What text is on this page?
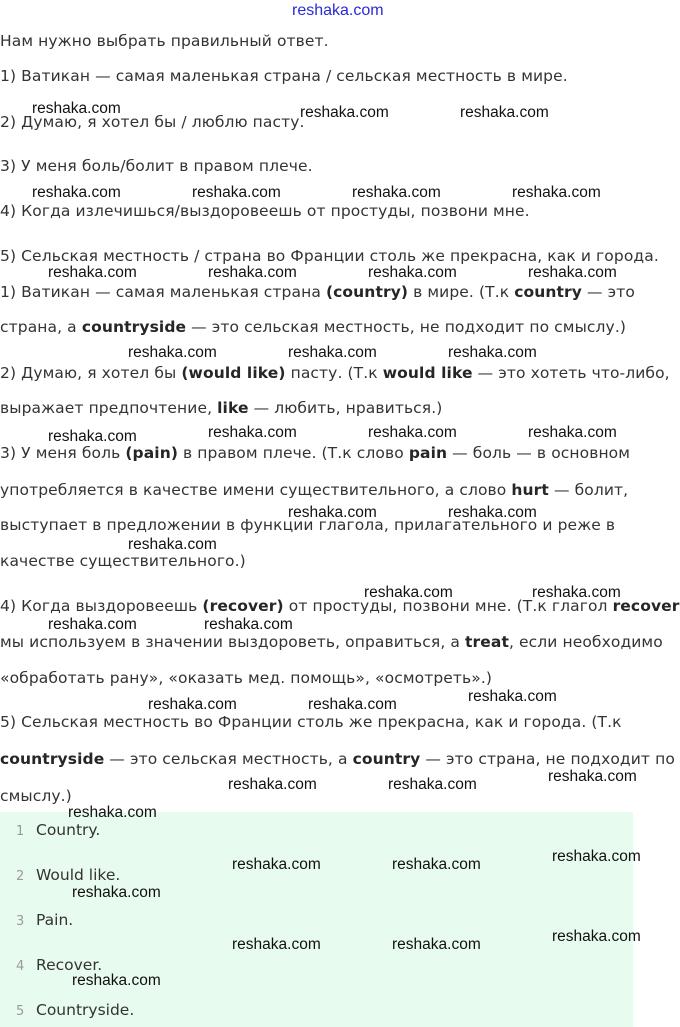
reshaka.com
Нам нужно выбрать правильный ответ.
1) Ватикан — самая маленькая страна / сельская местность в мире.
2) Думаю, я хотел бы / люблю пасту.
3) У меня боль/болит в правом плече.
4) Когда излечишься/выздоровеешь от простуды, позвони мне.
5) Сельская местность / страна во Франции столь же прекрасна, как и города.
1) Ватикан — самая маленькая страна (country) в мире. (Т.к country — это
страна, а countryside — это сельская местность, не подходит по смыслу.)
2) Думаю, я хотел бы (would like) пасту. (Т.к would like — это хотеть что-либо,
выражает предпочтение, like — любить, нравиться.)
3) У меня боль (pain) в правом плече. (Т.к слово pain — боль — в основном
употребляется в качестве имени существительного, а слово hurt — болит,
выступает в предложении в функции глагола, прилагательного и реже в
качестве существительного.)
4) Когда выздоровеешь (recover) от простуды, позвони мне. (Т.к глагол recover
мы используем в значении выздороветь, оправиться, а treat, если необходимо
«обработать рану», «оказать мед. помощь», «осмотреть».)
5) Сельская местность во Франции столь же прекрасна, как и города. (Т.к
countryside — это сельская местность, а country — это страна, не подходит по
смыслу.)
1 Country.
2 Would like.
3 Pain.
4 Recover.
5 Countryside.
reshaka.com	reshaka.com	reshaka.com
reshaka.com	reshaka.com	reshaka.com	reshaka.com
reshaka.com	reshaka.com	reshaka.com	reshaka.com
reshaka.com	reshaka.com	reshaka.com
reshaka.com	reshaka.com	reshaka.com	reshaka.com
reshaka.com	reshaka.com
reshaka.com
reshaka.com	reshaka.com
reshaka.com	reshaka.com
reshaka.com
reshaka.com	reshaka.com
reshaka.com
reshaka.com	reshaka.com
reshaka.com
reshaka.com
reshaka.com	reshaka.com
reshaka.com
reshaka.com
reshaka.com	reshaka.com
reshaka.com
